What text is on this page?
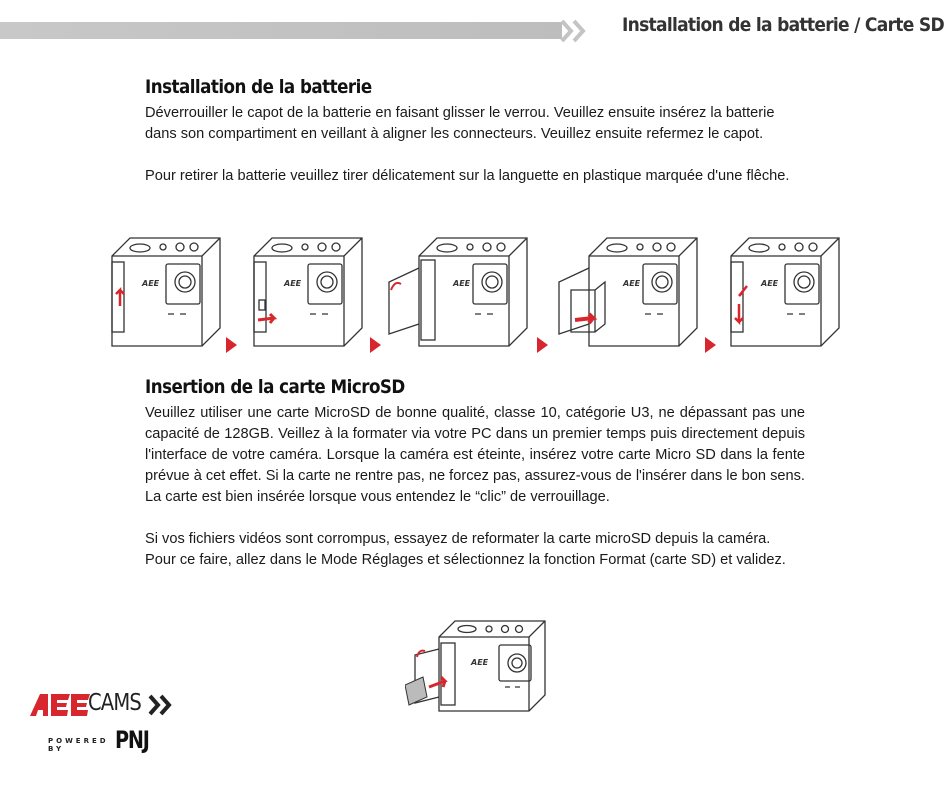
Installation de la batterie / Carte SD
Installation de la batterie

Déverrouiller le capot de la batterie en faisant glisser le verrou. Veuillez ensuite insérez la batterie dans son compartiment en veillant à aligner les connecteurs. Veuillez ensuite refermez le capot.

Pour retirer la batterie veuillez tirer délicatement sur la languette en plastique marquée d'une flêche.

AEE	AEE	AEE	AEE	AEE
Insertion de la carte MicroSD

Veuillez utiliser une carte MicroSD de bonne qualité, classe 10, catégorie U3, ne dépassant pas une capacité de 128GB. Veillez à la formater via votre PC dans un premier temps puis directement depuis l'interface de votre caméra. Lorsque la caméra est éteinte, insérez votre carte Micro SD dans la fente prévue à cet effet. Si la carte ne rentre pas, ne forcez pas, assurez-vous de l'insérer dans le bon sens. La carte est bien insérée lorsque vous entendez le “clic” de verrouillage.

Si vos fichiers vidéos sont corrompus, essayez de reformater la carte microSD depuis la caméra. Pour ce faire, allez dans le Mode Réglages et sélectionnez la fonction Format (carte SD) et validez.

AEE
AEE CAMS
POWERED BY	PNJ
